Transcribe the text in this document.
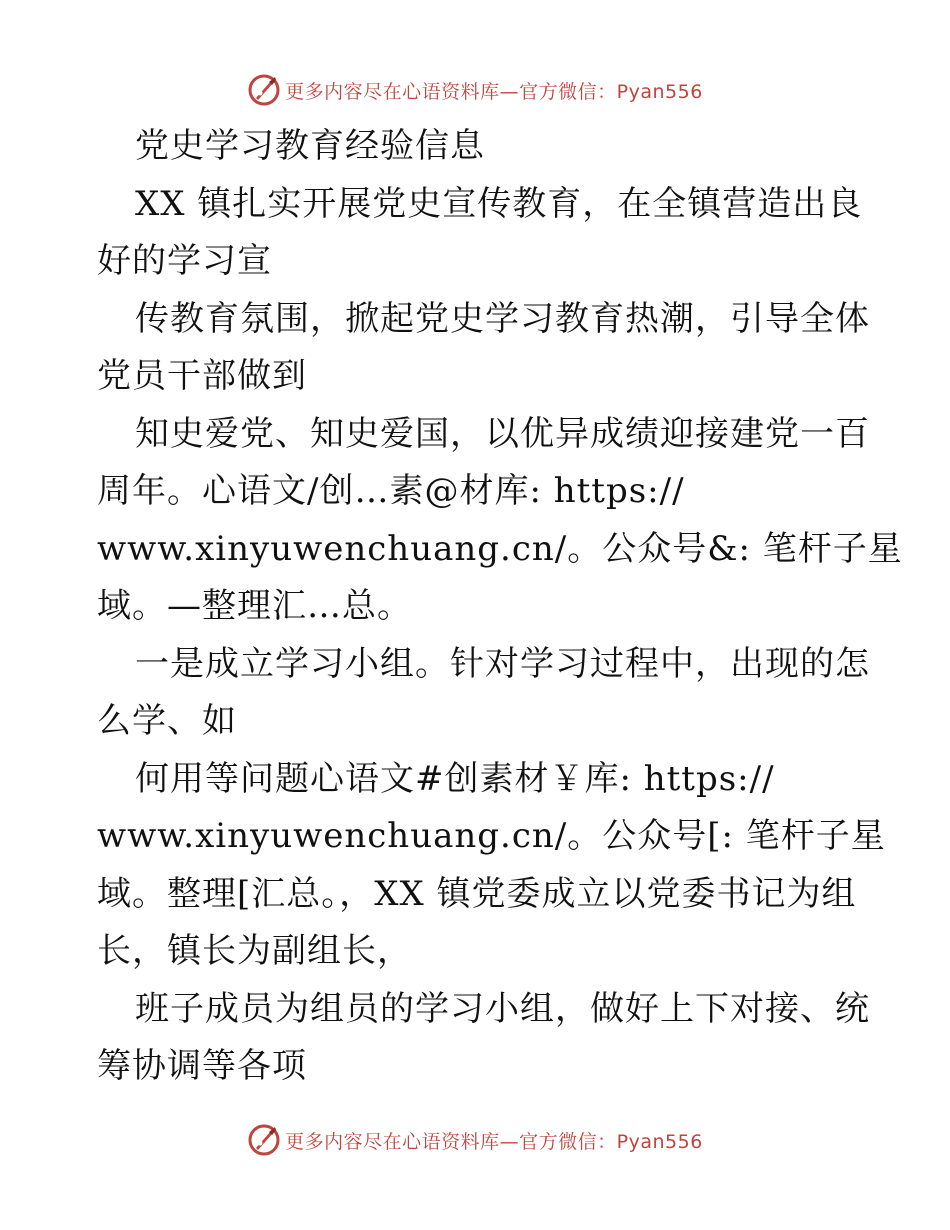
更多内容尽在心语资料库—官方微信：Pyan556
党史学习教育经验信息
XX 镇扎实开展党史宣传教育，在全镇营造出良
好的学习宣
传教育氛围，掀起党史学习教育热潮，引导全体
党员干部做到
知史爱党、知史爱国，以优异成绩迎接建党一百
周年。心语文/创…素@材库: https://
www.xinyuwenchuang.cn/。公众号&: 笔杆子星
域。—整理汇…总。
一是成立学习小组。针对学习过程中，出现的怎
么学、如
何用等问题心语文#创素材￥库: https://
www.xinyuwenchuang.cn/。公众号[: 笔杆子星
域。整理[汇总。，XX 镇党委成立以党委书记为组
长，镇长为副组长，
班子成员为组员的学习小组，做好上下对接、统
筹协调等各项
更多内容尽在心语资料库—官方微信：Pyan556
